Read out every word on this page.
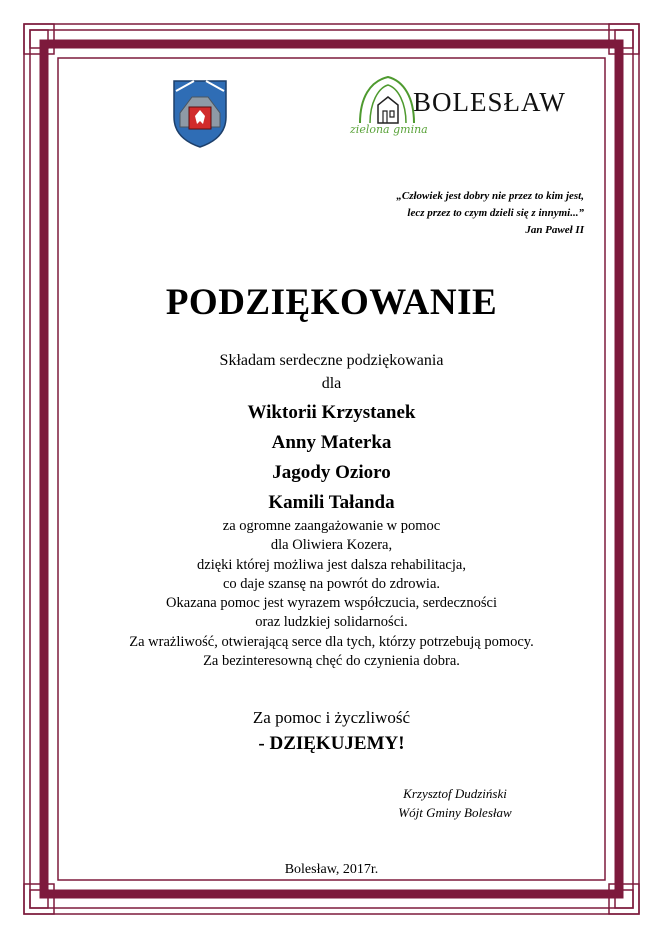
BOLESŁAW
zielona gmina
„Człowiek jest dobry nie przez to kim jest,
lecz przez to czym dzieli się z innymi...”
Jan Paweł II
PODZIĘKOWANIE
Składam serdeczne podziękowania
dla
Wiktorii Krzystanek
Anny Materka
Jagody Ozioro
Kamili Tałanda
za ogromne zaangażowanie w pomoc
dla Oliwiera Kozera,
dzięki której możliwa jest dalsza rehabilitacja,
co daje szansę na powrót do zdrowia.
Okazana pomoc jest wyrazem współczucia, serdeczności
oraz ludzkiej solidarności.
Za wrażliwość, otwierającą serce dla tych, którzy potrzebują pomocy.
Za bezinteresowną chęć do czynienia dobra.
Za pomoc i życzliwość
- DZIĘKUJEMY!
Krzysztof Dudziński
Wójt Gminy Bolesław
Bolesław, 2017r.
